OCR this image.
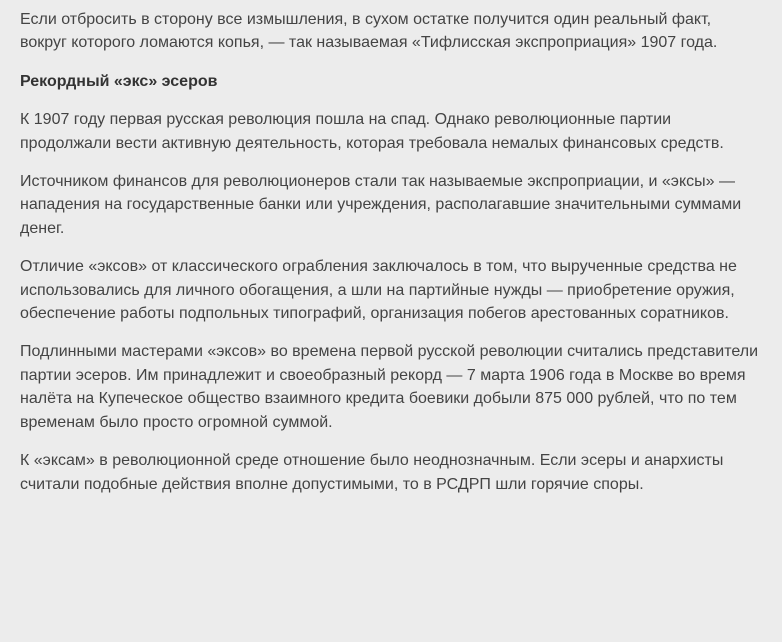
Если отбросить в сторону все измышления, в сухом остатке получится один реальный факт, вокруг которого ломаются копья, — так называемая «Тифлисская экспроприация» 1907 года.

Рекордный «экс» эсеров

К 1907 году первая русская революция пошла на спад. Однако революционные партии продолжали вести активную деятельность, которая требовала немалых финансовых средств.

Источником финансов для революционеров стали так называемые экспроприации, и «эксы» — нападения на государственные банки или учреждения, располагавшие значительными суммами денег.

Отличие «эксов» от классического ограбления заключалось в том, что вырученные средства не использовались для личного обогащения, а шли на партийные нужды — приобретение оружия, обеспечение работы подпольных типографий, организация побегов арестованных соратников.

Подлинными мастерами «эксов» во времена первой русской революции считались представители партии эсеров. Им принадлежит и своеобразный рекорд — 7 марта 1906 года в Москве во время налёта на Купеческое общество взаимного кредита боевики добыли 875 000 рублей, что по тем временам было просто огромной суммой.

К «эксам» в революционной среде отношение было неоднозначным. Если эсеры и анархисты считали подобные действия вполне допустимыми, то в РСДРП шли горячие споры.
